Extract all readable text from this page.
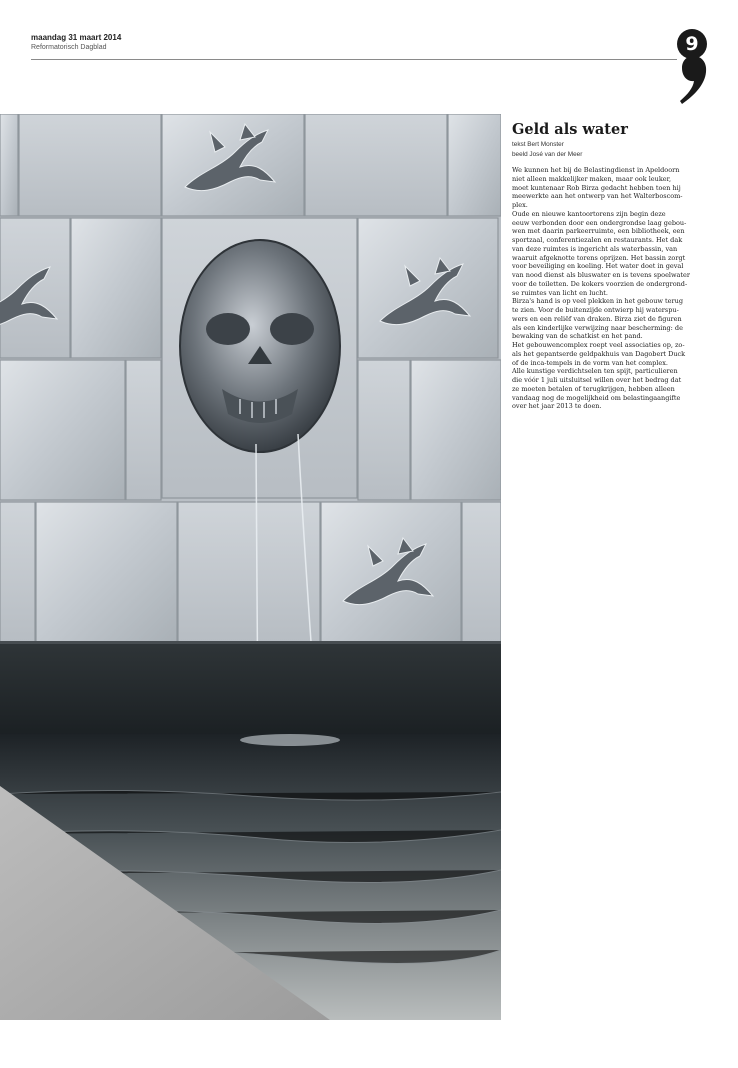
maandag 31 maart 2014
Reformatorisch Dagblad	9
Geld als water
tekst Bert Monster
beeld José van der Meer
We kunnen het bij de Belastingdienst in Apeldoorn
niet alleen makkelijker maken, maar ook leuker,
moet kuntenaar Rob Birza gedacht hebben toen hij
meewerkte aan het ontwerp van het Walterboscom-
plex.
Oude en nieuwe kantoortorens zijn begin deze
eeuw verbonden door een ondergrondse laag gebou-
wen met daarin parkeerruimte, een bibliotheek, een
sportzaal, conferentiezalen en restaurants. Het dak
van deze ruimtes is ingericht als waterbassin, van
waaruit afgeknotte torens oprijzen. Het bassin zorgt
voor beveiliging en koeling. Het water doet in geval
van nood dienst als bluswater en is tevens spoelwater
voor de toiletten. De kokers voorzien de ondergrond-
se ruimtes van licht en lucht.
Birza's hand is op veel plekken in het gebouw terug
te zien. Voor de buitenzijde ontwierp hij waterspu-
wers en een reliëf van draken. Birza ziet de figuren
als een kinderlijke verwijzing naar bescherming: de
bewaking van de schatkist en het pand.
Het gebouwencomplex roept veel associaties op, zo-
als het gepantserde geldpakhuis van Dagobert Duck
of de inca-tempels in de vorm van het complex.
Alle kunstige verdichtselen ten spijt, particulieren
die vóór 1 juli uitsluitsel willen over het bedrag dat
ze moeten betalen of terugkrijgen, hebben alleen
vandaag nog de mogelijkheid om belastingaangifte
over het jaar 2013 te doen.
